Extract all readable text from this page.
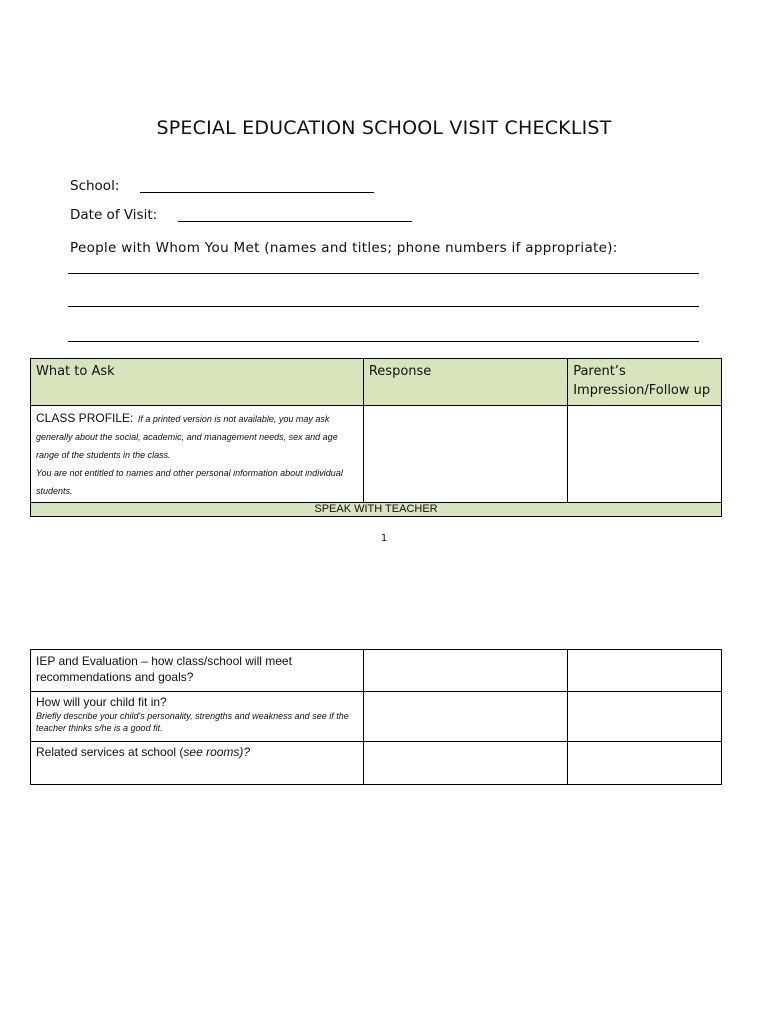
SPECIAL EDUCATION SCHOOL VISIT CHECKLIST
School:
Date of Visit:
People with Whom You Met (names and titles; phone numbers if appropriate):
What to Ask	Response	Parent’s Impression/Follow up
CLASS PROFILE: If a printed version is not available, you may ask generally about the social, academic, and management needs, sex and age range of the students in the class.
You are not entitled to names and other personal information about individual students.		
SPEAK WITH TEACHER		
1
IEP and Evaluation – how class/school will meet recommendations and goals?		

How will your child fit in?
Briefly describe your child's personality, strengths and weakness and see if the teacher thinks s/he is a good fit.		

Related services at school (see rooms)?		
